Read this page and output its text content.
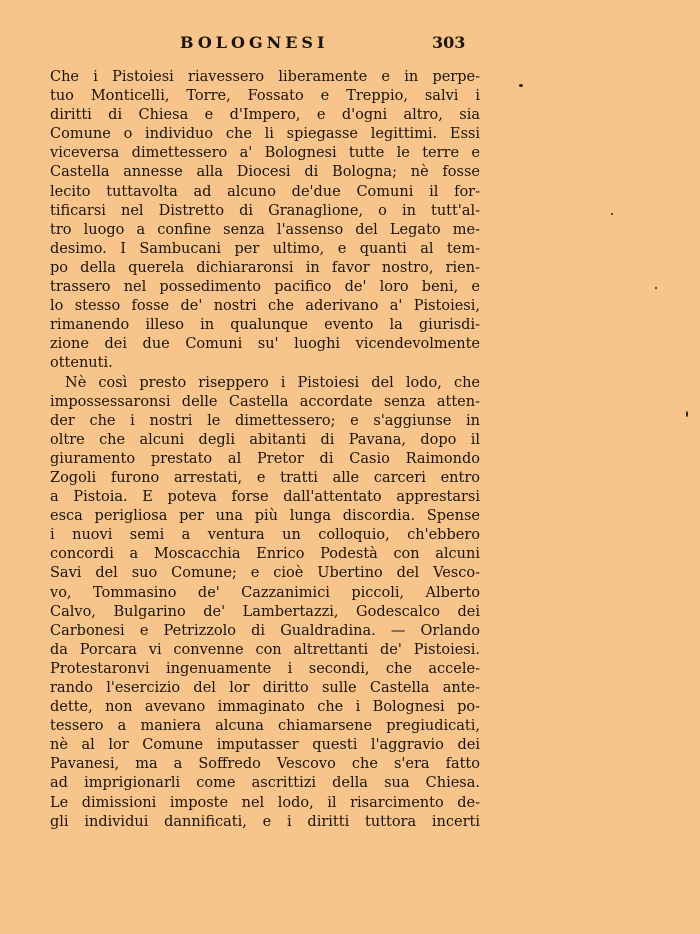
BOLOGNESI	303
Che i Pistoiesi riavessero liberamente e in perpe-
tuo Monticelli, Torre, Fossato e Treppio, salvi i
diritti di Chiesa e d'Impero, e d'ogni altro, sia
Comune o individuo che li spiegasse legittimi. Essi
viceversa dimettessero a' Bolognesi tutte le terre e
Castella annesse alla Diocesi di Bologna; nè fosse
lecito tuttavolta ad alcuno de'due Comuni il for-
tificarsi nel Distretto di Granaglione, o in tutt'al-
tro luogo a confine senza l'assenso del Legato me-
desimo. I Sambucani per ultimo, e quanti al tem-
po della querela dichiararonsi in favor nostro, rien-
trassero nel possedimento pacifico de' loro beni, e
lo stesso fosse de' nostri che aderivano a' Pistoiesi,
rimanendo illeso in qualunque evento la giurisdi-
zione dei due Comuni su' luoghi vicendevolmente
ottenuti.
Nè così presto riseppero i Pistoiesi del lodo, che
impossessaronsi delle Castella accordate senza atten-
der che i nostri le dimettessero; e s'aggiunse in
oltre che alcuni degli abitanti di Pavana, dopo il
giuramento prestato al Pretor di Casio Raimondo
Zogoli furono arrestati, e tratti alle carceri entro
a Pistoia. E poteva forse dall'attentato apprestarsi
esca perigliosa per una più lunga discordia. Spense
i nuovi semi a ventura un colloquio, ch'ebbero
concordi a Moscacchia Enrico Podestà con alcuni
Savi del suo Comune; e cioè Ubertino del Vesco-
vo, Tommasino de' Cazzanimici piccoli, Alberto
Calvo, Bulgarino de' Lambertazzi, Godescalco dei
Carbonesi e Petrizzolo di Gualdradina. — Orlando
da Porcara vi convenne con altrettanti de' Pistoiesi.
Protestaronvi ingenuamente i secondi, che accele-
rando l'esercizio del lor diritto sulle Castella ante-
dette, non avevano immaginato che i Bolognesi po-
tessero a maniera alcuna chiamarsene pregiudicati,
nè al lor Comune imputasser questi l'aggravio dei
Pavanesi, ma a Soffredo Vescovo che s'era fatto
ad imprigionarli come ascrittizi della sua Chiesa.
Le dimissioni imposte nel lodo, il risarcimento de-
gli individui dannificati, e i diritti tuttora incerti
